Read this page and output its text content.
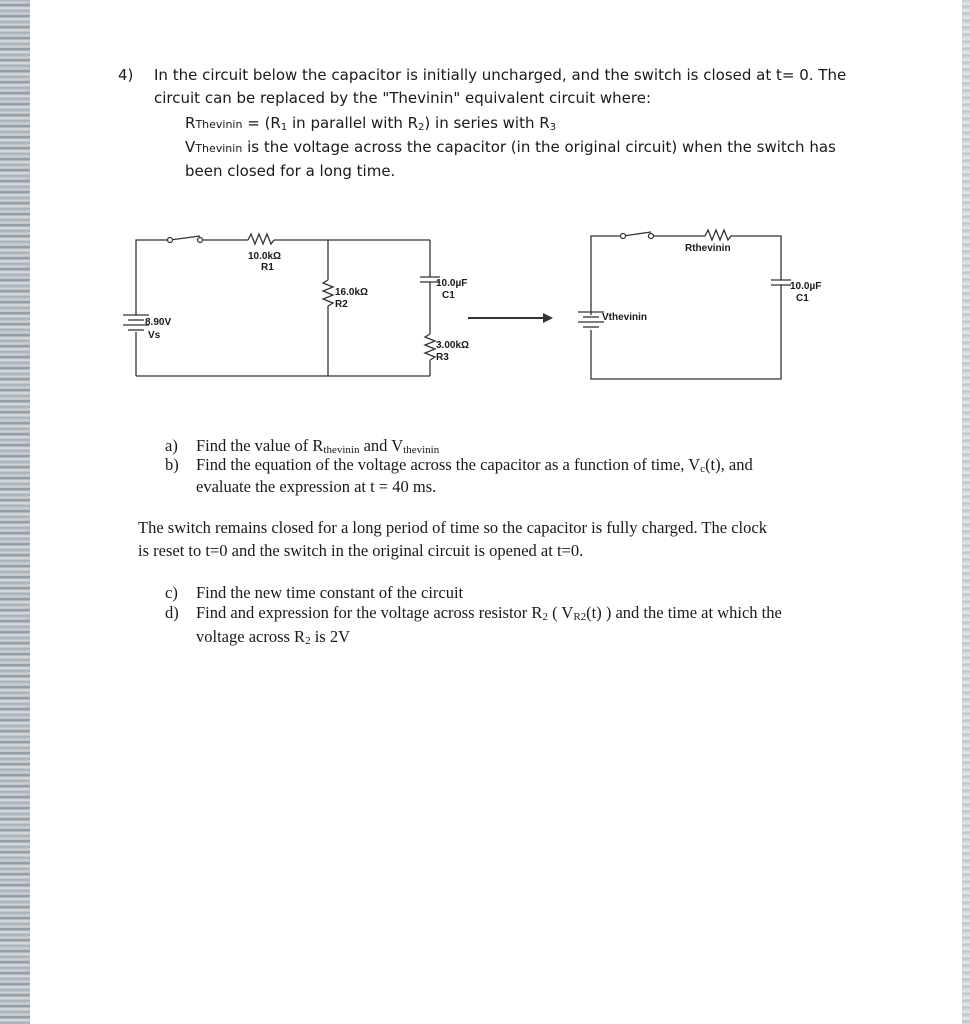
4) In the circuit below the capacitor is initially uncharged, and the switch is closed at t= 0. The
circuit can be replaced by the "Thevinin" equivalent circuit where:
RThevinin = ($R_1$ in parallel with $R_2$) in series with $R_3$
VThevinin is the voltage across the capacitor (in the original circuit) when the switch has
been closed for a long time.
10.0kΩ
R1
16.0kΩ
R2
10.0µF
C1
3.00kΩ
R3
8.90V
Vs
Rthevinin
Vthevinin
10.0µF
C1
a) Find the value of Rthevinin and Vthevinin
b) Find the equation of the voltage across the capacitor as a function of time, Vc(t), and
evaluate the expression at t = 40 ms.
The switch remains closed for a long period of time so the capacitor is fully charged. The clock
is reset to t=0 and the switch in the original circuit is opened at t=0.
c) Find the new time constant of the circuit
d) Find and expression for the voltage across resistor R2 ( VR2(t) ) and the time at which the
voltage across R2 is 2V
